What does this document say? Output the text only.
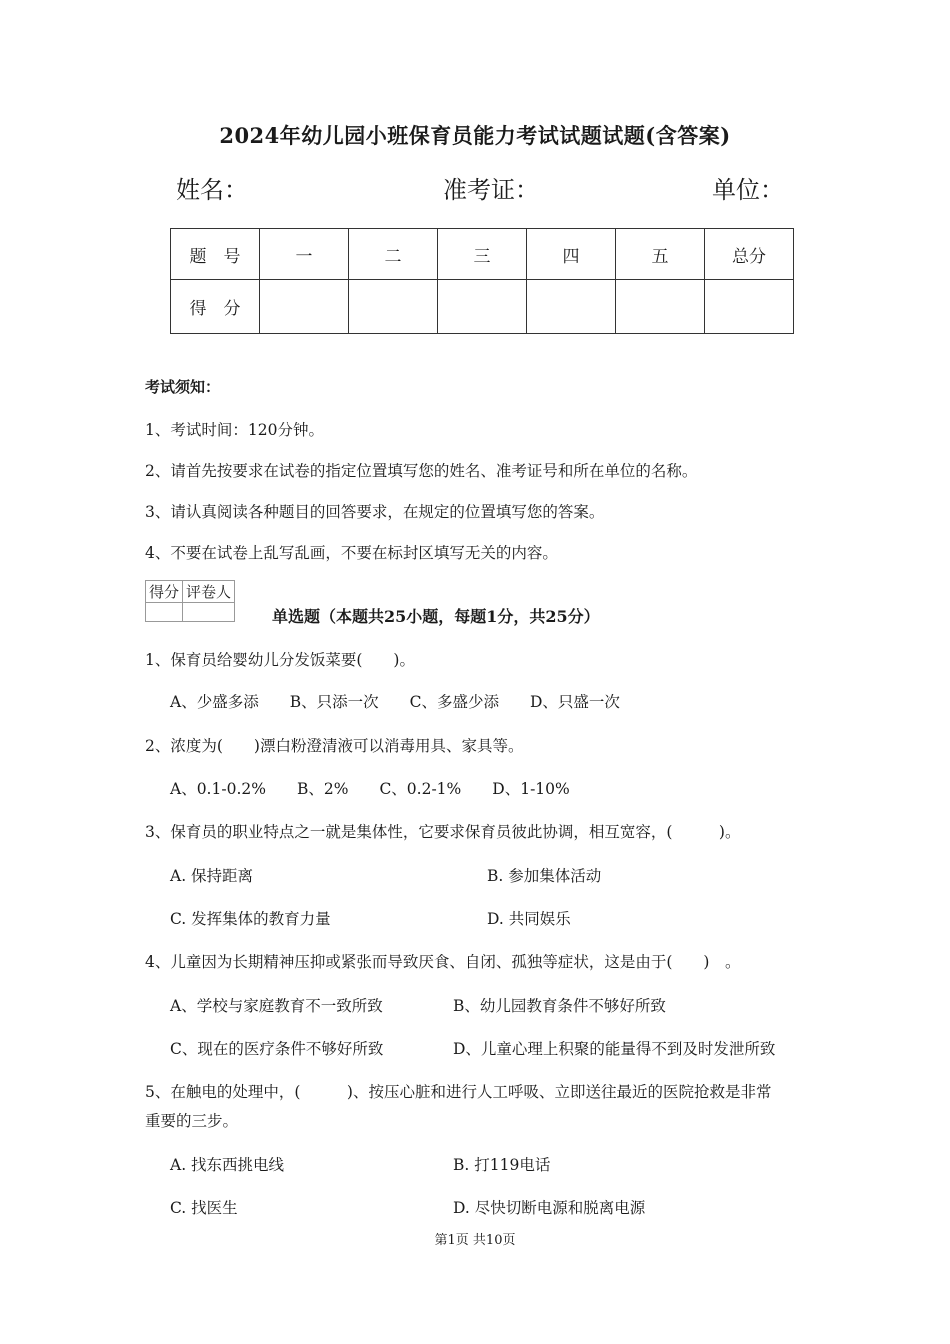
2024年幼儿园小班保育员能力考试试题试题(含答案)
姓名：	准考证：	单位：
题　号	一	二	三	四	五	总分
得　分						
考试须知：
1、考试时间：120分钟。
2、请首先按要求在试卷的指定位置填写您的姓名、准考证号和所在单位的名称。
3、请认真阅读各种题目的回答要求，在规定的位置填写您的答案。
4、不要在试卷上乱写乱画，不要在标封区填写无关的内容。
得分	评卷人

单选题（本题共25小题，每题1分，共25分）
1、保育员给婴幼儿分发饭菜要(　　)。
A、少盛多添　　B、只添一次　　C、多盛少添　　D、只盛一次
2、浓度为(　　)漂白粉澄清液可以消毒用具、家具等。
A、0.1-0.2%　　B、2%　　C、0.2-1%　　D、1-10%
3、保育员的职业特点之一就是集体性，它要求保育员彼此协调，相互宽容，(　　　)。
A. 保持距离	B. 参加集体活动
C. 发挥集体的教育力量	D. 共同娱乐
4、儿童因为长期精神压抑或紧张而导致厌食、自闭、孤独等症状，这是由于(　　)　。
A、学校与家庭教育不一致所致	B、幼儿园教育条件不够好所致
C、现在的医疗条件不够好所致	D、儿童心理上积聚的能量得不到及时发泄所致
5、在触电的处理中，(　　　)、按压心脏和进行人工呼吸、立即送往最近的医院抢救是非常
重要的三步。
A. 找东西挑电线	B. 打119电话
C. 找医生	D. 尽快切断电源和脱离电源
第1页 共10页
